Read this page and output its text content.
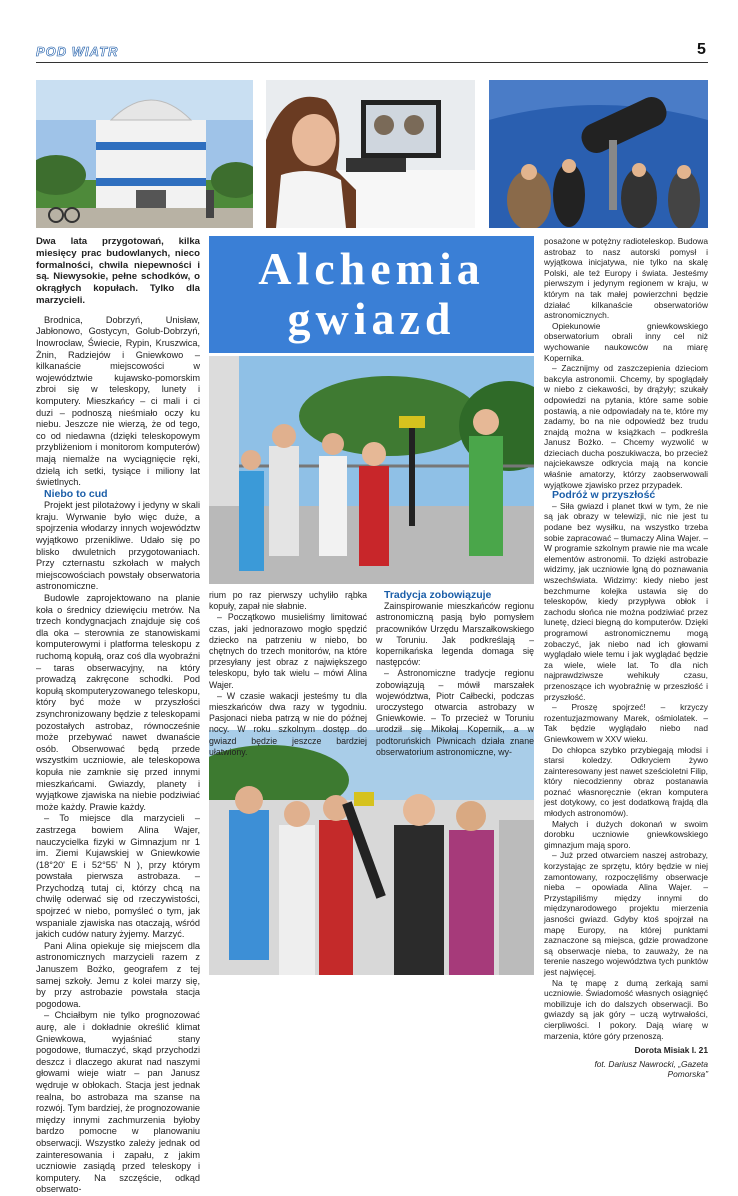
POD WIATR	5
Alchemia
gwiazd

Dwa lata przygotowań, kilka miesięcy prac budowlanych, nieco formalności, chwila niepewności i są. Niewysokie, pełne schodków, o okrągłych kopułach. Tylko dla marzycieli.

Brodnica, Dobrzyń, Unisław, Jabłonowo, Gostycyn, Golub-Dobrzyń, Inowrocław, Świecie, Rypin, Kruszwica, Żnin, Radziejów i Gniewkowo – kilkanaście miejscowości w województwie kujawsko-pomorskim zbroi się w teleskopy, lunety i komputery. Mieszkańcy – ci mali i ci duzi – podnoszą nieśmiało oczy ku niebu. Jeszcze nie wierzą, że od tego, co od niedawna (dzięki teleskopowym przybliżeniom i monitorom komputerów) mają niemalże na wyciągnięcie ręki, dzielą ich setki, tysiące i miliony lat świetlnych.

Niebo to cud

Projekt jest pilotażowy i jedyny w skali kraju. Wyrwanie było więc duże, a spojrzenia włodarzy innych województw wyjątkowo przenikliwe. Udało się po blisko dwuletnich przygotowaniach. Przy czternastu szkołach w małych miejscowościach powstały obserwatoria astronomiczne.

Budowle zaprojektowano na planie koła o średnicy dziewięciu metrów. Na trzech kondygnacjach znajduje się coś dla oka – sterownia ze stanowiskami komputerowymi i platforma teleskopu z ruchomą kopułą, oraz coś dla wyobraźni – taras obserwacyjny, na który prowadzą zakręcone schodki. Pod kopułą skomputeryzowanego teleskopu, który być może w przyszłości zsynchronizowany będzie z teleskopami pozostałych astrobaz, równocześnie może przebywać nawet dwanaście osób. Obserwować będą przede wszystkim uczniowie, ale teleskopowa kopuła nie zamknie się przed innymi mieszkańcami. Gwiazdy, planety i wyjątkowe zjawiska na niebie podziwiać może każdy. Prawie każdy.

– To miejsce dla marzycieli – zastrzega bowiem Alina Wajer, nauczycielka fizyki w Gimnazjum nr 1 im. Ziemi Kujawskiej w Gniewkowie (18°20' E i 52°55' N ), przy którym powstała pierwsza astrobaza. – Przychodzą tutaj ci, którzy chcą na chwilę oderwać się od rzeczywistości, spojrzeć w niebo, pomyśleć o tym, jak wspaniale zjawiska nas otaczają, wśród jakich cudów natury żyjemy. Marzyć.

Pani Alina opiekuje się miejscem dla astronomicznych marzycieli razem z Januszem Bożko, geografem z tej samej szkoły. Jemu z kolei marzy się, by przy astrobazie powstała stacja pogodowa.

– Chciałbym nie tylko prognozować aurę, ale i dokładnie określić klimat Gniewkowa, wyjaśniać stany pogodowe, tłumaczyć, skąd przychodzi deszcz i dlaczego akurat nad naszymi głowami wieje wiatr – pan Janusz wędruje w obłokach. Stacja jest jednak realna, bo astrobaza ma szanse na rozwój. Tym bardziej, że prognozowanie między innymi zachmurzenia byłoby bardzo pomocne w planowaniu obserwacji. Wszystko zależy jednak od zainteresowania i zapału, z jakim uczniowie zasiądą przed teleskopy i komputery. Na szczęście, odkąd obserwato-

rium po raz pierwszy uchyliło rąbka kopuły, zapał nie słabnie.

– Początkowo musieliśmy limitować czas, jaki jednorazowo mogło spędzić dziecko na patrzeniu w niebo, bo chętnych do trzech monitorów, na które przesyłany jest obraz z największego teleskopu, było tak wielu – mówi Alina Wajer.

– W czasie wakacji jesteśmy tu dla mieszkańców dwa razy w tygodniu. Pasjonaci nieba patrzą w nie do późnej nocy. W roku szkolnym dostęp do gwiazd będzie jeszcze bardziej ułatwiony.

Tradycja zobowiązuje

Zainspirowanie mieszkańców regionu astronomiczną pasją było pomysłem pracowników Urzędu Marszałkowskiego w Toruniu. Jak podkreślają – kopernikańska legenda domaga się następców:

– Astronomiczne tradycje regionu zobowiązują – mówił marszałek województwa, Piotr Całbecki, podczas uroczystego otwarcia astrobazy w Gniewkowie. – To przecież w Toruniu urodził się Mikołaj Kopernik, a w podtoruńskich Piwnicach działa znane obserwatorium astronomiczne, wy-

posażone w potężny radioteleskop. Budowa astrobaz to nasz autorski pomysł i wyjątkowa inicjatywa, nie tylko na skalę Polski, ale też Europy i świata. Jesteśmy pierwszym i jedynym regionem w kraju, w którym na tak małej powierzchni będzie działać kilkanaście obserwatoriów astronomicznych.

Opiekunowie gniewkowskiego obserwatorium obrali inny cel niż wychowanie naukowców na miarę Kopernika.

– Zacznijmy od zaszczepienia dzieciom bakcyla astronomii. Chcemy, by spoglądały w niebo z ciekawości, by drążyły; szukały odpowiedzi na pytania, które same sobie postawią, a nie odpowiadały na te, które my zadamy, bo na nie odpowiedź bez trudu znajdą można w książkach – podkreśla Janusz Bożko. – Chcemy wyzwolić w dzieciach ducha poszukiwacza, bo przecież najciekawsze odkrycia mają na koncie właśnie amatorzy, którzy zaobserwowali wyjątkowe zjawisko przez przypadek.

Podróż w przyszłość

– Siła gwiazd i planet tkwi w tym, że nie są jak obrazy w telewizji, nic nie jest tu podane bez wysiłku, na wszystko trzeba sobie zapracować – tłumaczy Alina Wajer. – W programie szkolnym prawie nie ma wcale elementów astronomii. To dzięki astrobazie widzimy, jak uczniowie lgną do poznawania wszechświata. Widzimy: kiedy niebo jest bezchmurne kolejka ustawia się do teleskopów, kiedy przypływa obłok i zachodu słońca nie można podziwiać przez lunetę, dzieci biegną do komputerów. Dzięki programowi astronomicznemu mogą zobaczyć, jak niebo nad ich głowami wyglądało wiele temu i jak wyglądać będzie za wiele, wiele lat. To dla nich najprawdziwsze wehikuły czasu, przenoszące ich wyobraźnię w przeszłość i przyszłość.

– Proszę spojrzeć! – krzyczy rozentuzjazmowany Marek, ośmiolatek. – Tak będzie wyglądało niebo nad Gniewkowem w XXV wieku.

Do chłopca szybko przybiegają młodsi i starsi koledzy. Odkryciem żywo zainteresowany jest nawet sześcioletni Filip, który niecodzienny obraz postanawia poznać własnoręcznie (ekran komputera jest dotykowy, co jest dodatkową frajdą dla młodych astronomów).

Małych i dużych dokonań w swoim dorobku uczniowie gniewkowskiego gimnazjum mają sporo.

– Już przed otwarciem naszej astrobazy, korzystając ze sprzętu, który będzie w niej zamontowany, rozpoczęliśmy obserwacje nieba – opowiada Alina Wajer. – Przystąpiliśmy między innymi do międzynarodowego projektu mierzenia jasności gwiazd. Gdyby ktoś spojrzał na mapę Europy, na której punktami zaznaczone są miejsca, gdzie prowadzone są obserwacje nieba, to zauważy, że na terenie naszego województwa tych punktów jest najwięcej.

Na tę mapę z dumą zerkają sami uczniowie. Świadomość własnych osiągnięć mobilizuje ich do dalszych obserwacji. Bo gwiazdy są jak góry – uczą wytrwałości, cierpliwości. I pokory. Dają wiarę w marzenia, które góry przenoszą.

Dorota Misiak I. 21

fot. Dariusz Nawrocki, „Gazeta Pomorska”
